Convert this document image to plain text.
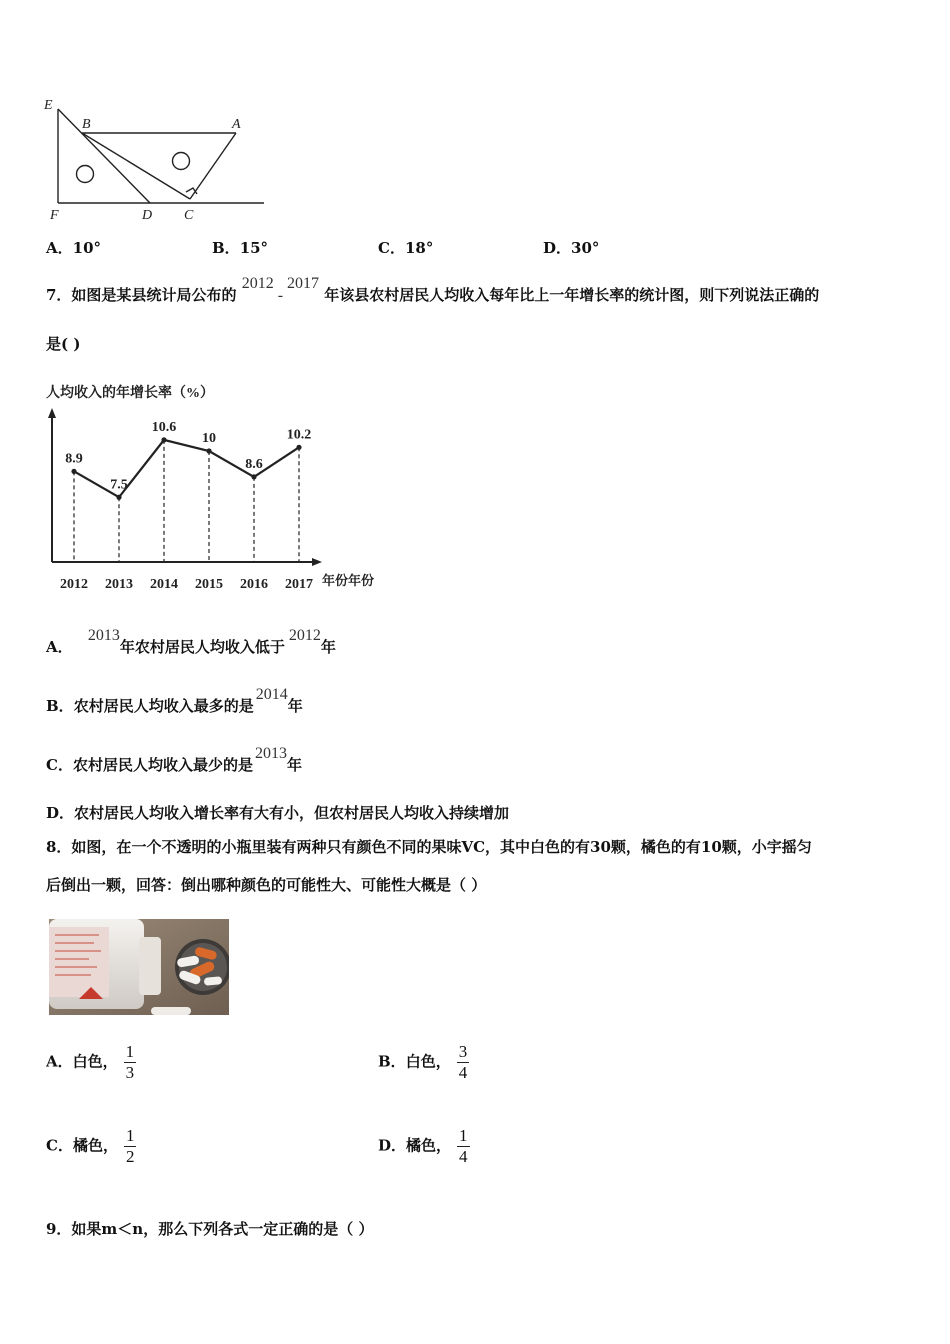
E
B	A
F	D C
A．10°	B．15°	C．18°	D．30°
7．如图是某县统计局公布的 2012-2017 年该县农村居民人均收入每年比上一年增长率的统计图，则下列说法正确的
是( )
人均收入的年增长率（%）
年份年份
8.9
2012
7.5
2013
10.6
2014
10
2015
8.6
2016
10.2
2017
A． 2013年农村居民人均收入低于2012年
B．农村居民人均收入最多的是2014年
C．农村居民人均收入最少的是2013年
D．农村居民人均收入增长率有大有小，但农村居民人均收入持续增加
8．如图，在一个不透明的小瓶里装有两种只有颜色不同的果味VC，其中白色的有30颗，橘色的有10颗，小宇摇匀
后倒出一颗，回答：倒出哪种颜色的可能性大、可能性大概是（ ）
A．白色， $\frac{1}{3}$	B．白色， $\frac{3}{4}$
C．橘色， $\frac{1}{2}$	D．橘色， $\frac{1}{4}$
9．如果m＜n，那么下列各式一定正确的是（ ）
